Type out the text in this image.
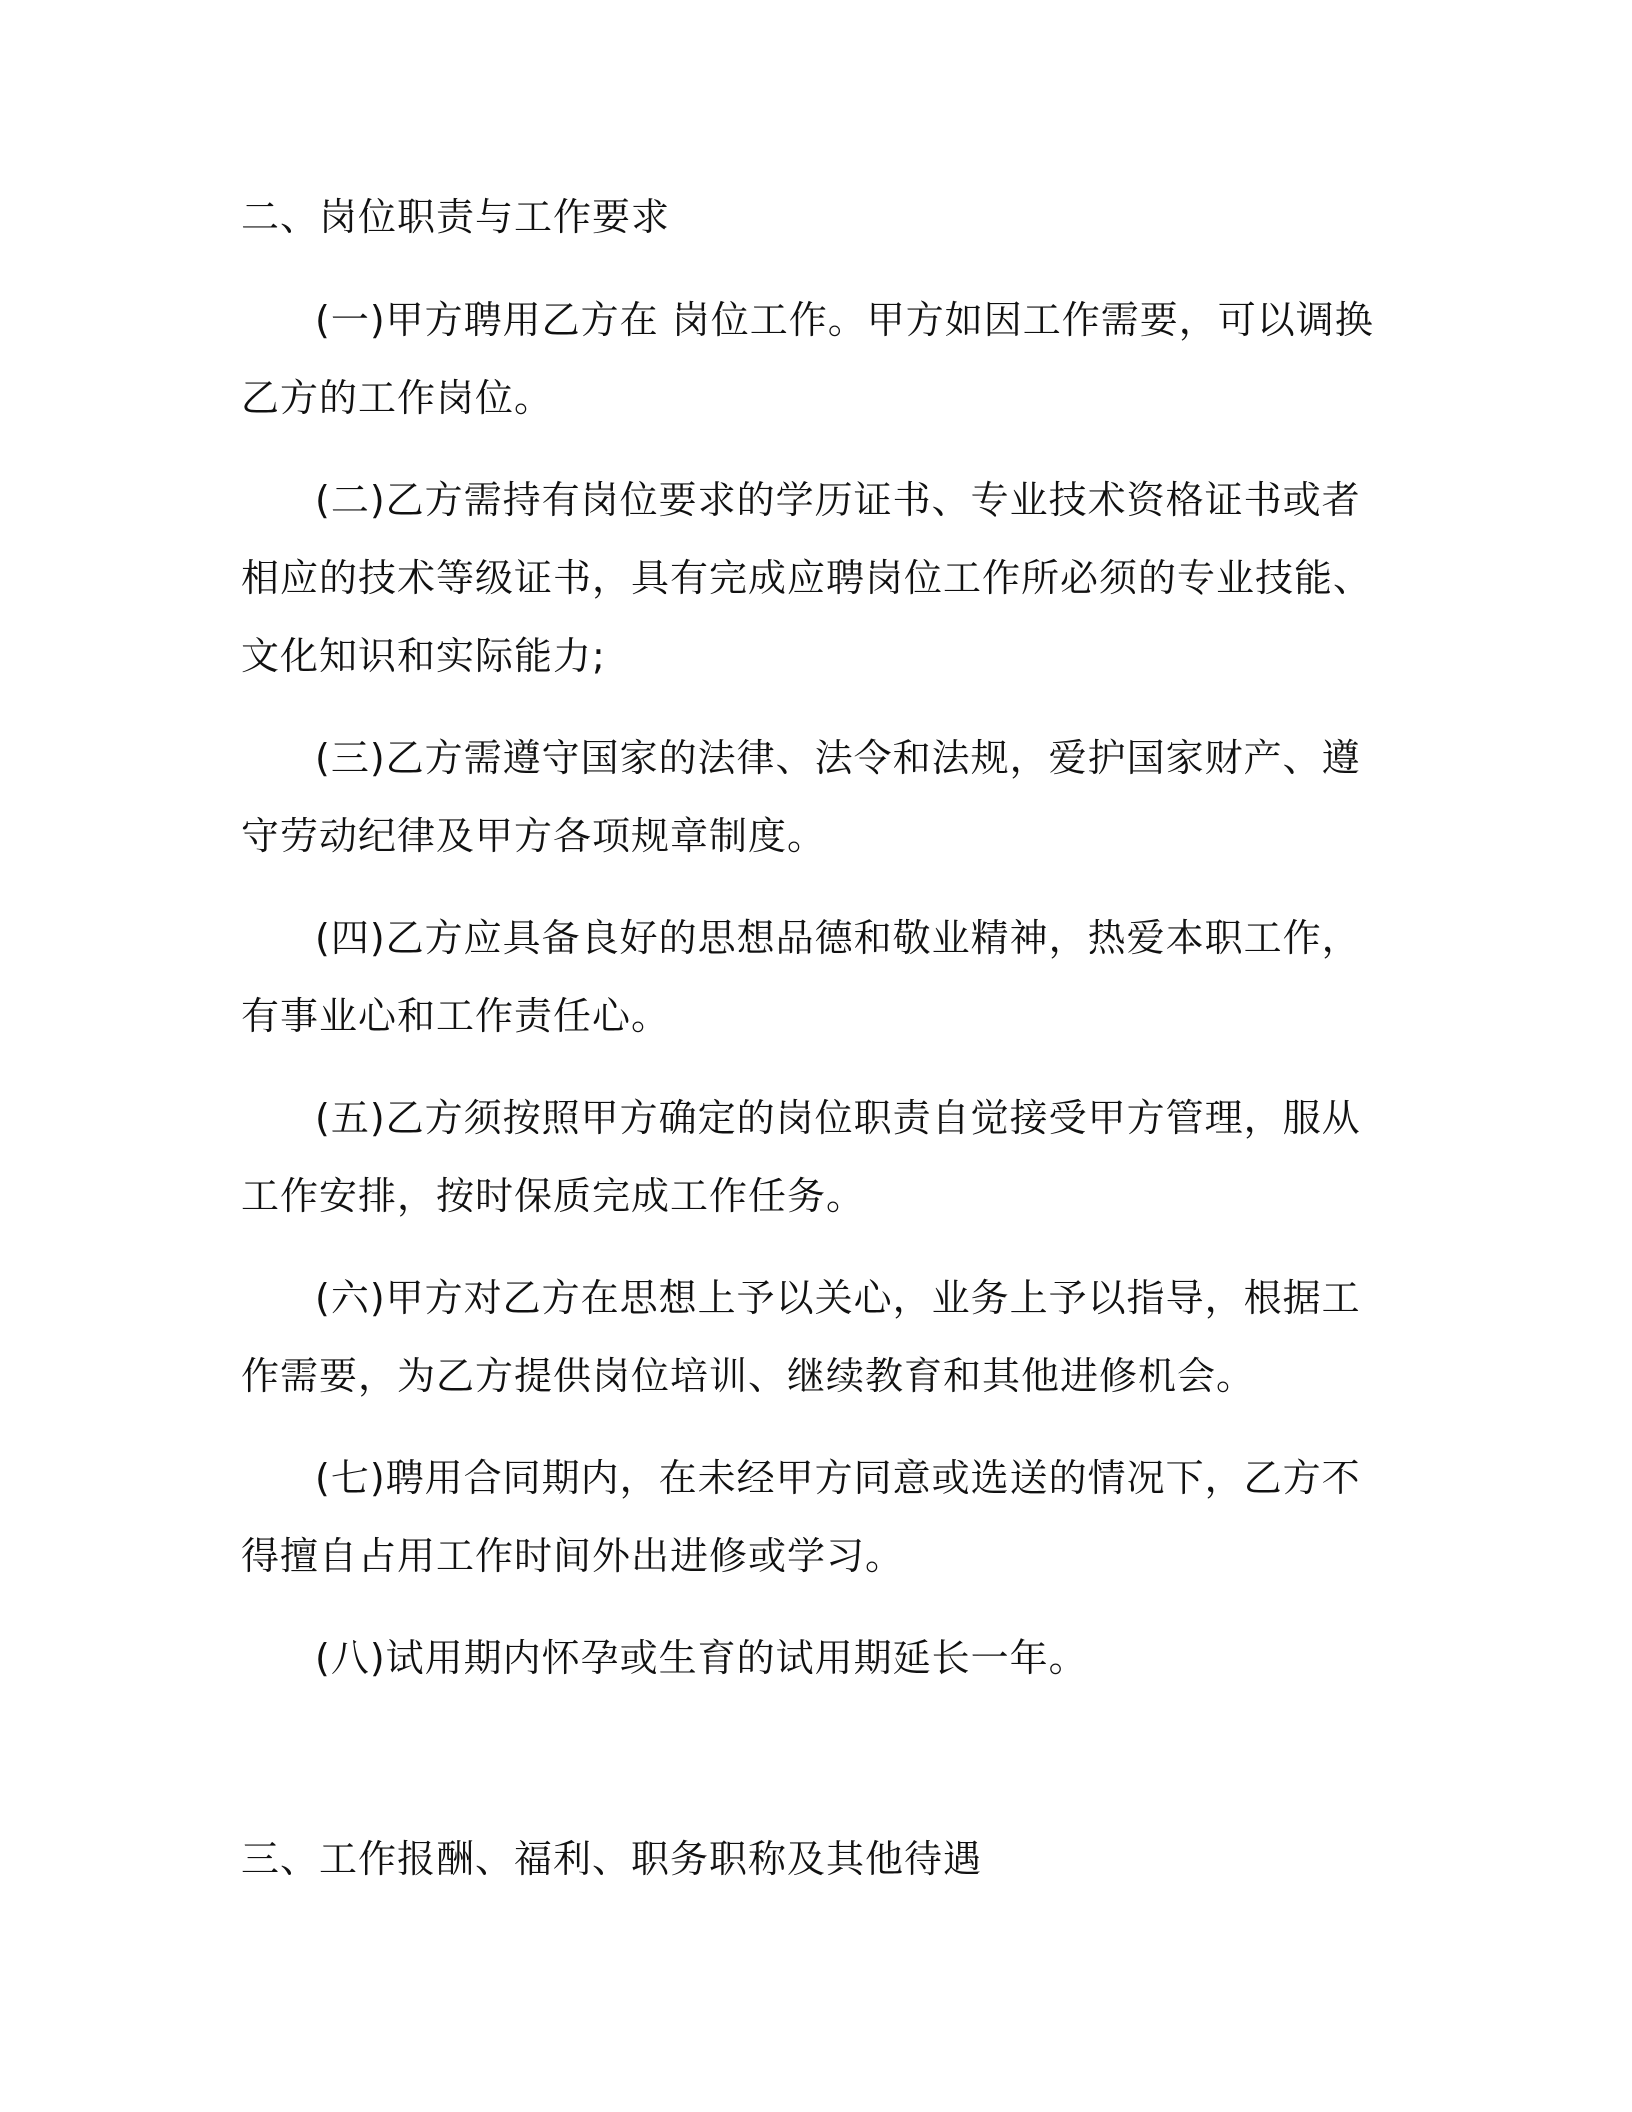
二、岗位职责与工作要求

(一)甲方聘用乙方在 岗位工作。甲方如因工作需要，可以调换乙方的工作岗位。

(二)乙方需持有岗位要求的学历证书、专业技术资格证书或者相应的技术等级证书，具有完成应聘岗位工作所必须的专业技能、文化知识和实际能力;

(三)乙方需遵守国家的法律、法令和法规，爱护国家财产、遵守劳动纪律及甲方各项规章制度。

(四)乙方应具备良好的思想品德和敬业精神，热爱本职工作，有事业心和工作责任心。

(五)乙方须按照甲方确定的岗位职责自觉接受甲方管理，服从工作安排，按时保质完成工作任务。

(六)甲方对乙方在思想上予以关心，业务上予以指导，根据工作需要，为乙方提供岗位培训、继续教育和其他进修机会。

(七)聘用合同期内，在未经甲方同意或选送的情况下，乙方不得擅自占用工作时间外出进修或学习。

(八)试用期内怀孕或生育的试用期延长一年。

三、工作报酬、福利、职务职称及其他待遇
